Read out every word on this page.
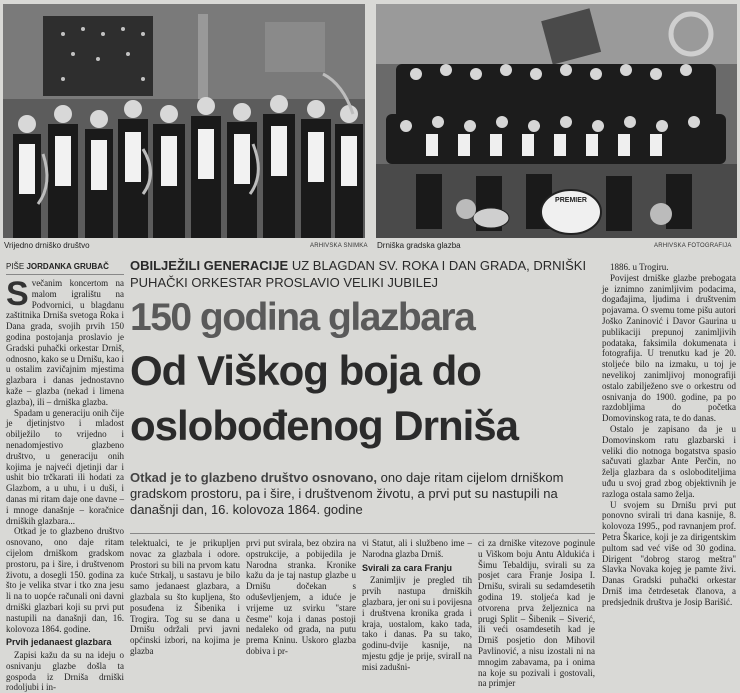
Vrijedno drniško društvo	ARHIVSKA SNIMKA
PREMIER
Drniška gradska glazba	ARHIVSKA FOTOGRAFIJA
PIŠE JORDANKA GRUBAČ OBILJEŽILI GENERACIJE UZ BLAGDAN SV. ROKA I DAN GRADA, DRNIŠKI PUHAČKI ORKESTAR PROSLAVIO VELIKI JUBILEJ
150 godina glazbara
Od Viškog boja do
oslobođenog Drniša
Otkad je to glazbeno društvo osnovano, ono daje ritam cijelom drniškom gradskom prostoru, pa i šire, i društvenom životu, a prvi put su nastupili na današnji dan, 16. kolovoza 1864. godine
S večanim koncertom na malom igralištu na Podvornici, u blagdanu zaštitnika Drniša svetoga Roka i Dana grada, svojih prvih 150 godina postojanja proslavio je Gradski puhački orkestar Drniš, odnosno, kako se u Drnišu, kao i u ostalim zavičajnim mjestima glazbara i danas jednostavno kaže – glazba (nekad i limena glazba), ili – drniška glazba.

Spadam u generaciju onih čije je djetinjstvo i mladost obilježilo to vrijedno i nenadomjestivo glazbeno društvo, u generaciju onih kojima je najveći djetinji dar i ushit bio trčkarati ili hodati za Glazbom, a u uhu, i u duši, i danas mi ritam daje one davne – i mnoge današnje – koračnice drniških glazbara...

Otkad je to glazbeno društvo osnovano, ono daje ritam cijelom drniškom gradskom prostoru, pa i šire, i društvenom životu, a dosegli 150. godina za što je velika stvar i tko zna jesu li na to uopće računali oni davni drniški glazbari koji su prvi put nastupili na današnji dan, 16. kolovoza 1864. godine.

Prvih jedanaest glazbara

Zapisi kažu da su na ideju o osnivanju glazbe došla ta gospoda iz Drniša drniški rodoljubi i in-

telektualci, te je prikupljen novac za glazbala i odore. Prostori su bili na prvom katu kuće Strkalj, u sastavu je bilo samo jedanaest glazbara, a glazbala su što kupljena, što posuđena iz Šibenika i Trogira. Tog su se dana u Drnišu održali prvi javni općinski izbori, na kojima je glazba

prvi put svirala, bez obzira na opstrukcije, a pobijedila je Narodna stranka. Kronike kažu da je taj nastup glazbe u Drnišu dočekan s oduševljenjem, a iduće je vrijeme uz svirku "stare česme" koja i danas postoji nedaleko od grada, na putu prema Kninu. Uskoro glazba dobiva i pr-

vi Statut, ali i službeno ime – Narodna glazba Drniš.

Svirali za cara Franju

Zanimljiv je pregled tih prvih nastupa drniških glazbara, jer oni su i povijesna i društvena kronika grada i kraja, uostalom, kako tada, tako i danas. Pa su tako, godinu-dvije kasnije, na mjestu gdje je prije, sviralI na misi zadušni-

ci za drniške vitezove poginule u Viškom boju Antu Aldukića i Šimu Tebaldiju, svirali su za posjet cara Franje Josipa I. Drnišu, svirali su sedamdesetih godina 19. stoljeća kad je otvorena prva željeznica na prugi Split – Šibenik – Siverić, ili veći osamdesetih kad je Drniš posjetio don Mihovil Pavlinović, a nisu izostali ni na mnogim zabavama, pa i onima na koje su pozivali i gostovali, na primjer

1886. u Trogiru.

Povijest drniške glazbe prebogata je iznimno zanimljivim podacima, događajima, ljudima i društvenim pojavama. O svemu tome pišu autori Joško Zaninović i Davor Gaurina u publikaciji prepunoj zanimljivih podataka, faksimila dokumenata i fotografija. U trenutku kad je 20. stoljeće bilo na izmaku, u toj je nevelikoj zanimljivoj monografiji ostalo zabilježeno sve o orkestru od osnivanja do 1900. godine, pa po razdoblјima do početka Domovinskog rata, te do danas.

Ostalo je zapisano da je u Domovinskom ratu glazbarski i veliki dio notnoga bogatstva spasio sačuvati glazbar Ante Perčin, no želja glazbara da s osloboditeljima uđu u svoj grad zbog objektivnih je razloga ostala samo želja.

U svojem su Drnišu prvi put ponovno svirali tri dana kasnije, 8. kolovoza 1995., pod ravnanjem prof. Petra Škarice, koji je za dirigentskim pultom sad već više od 30 godina. Dirigent "dobrog starog meštra" Slavka Novaka kojeg je pamte živi. Danas Gradski puhački orkestar Drniš ima četrdesetak članova, a predsjednik društva je Josip Barišić.
